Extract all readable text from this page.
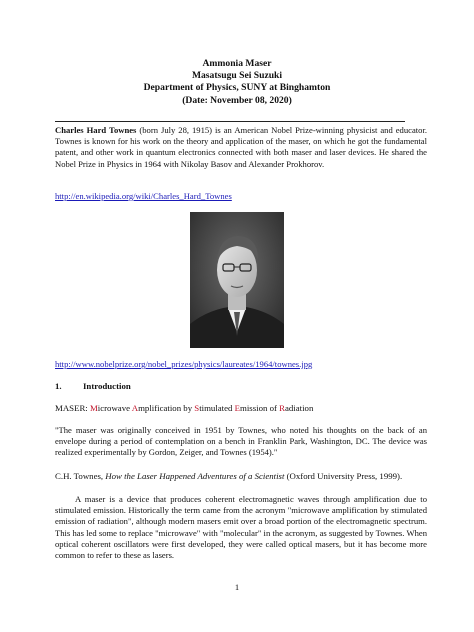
Ammonia Maser
Masatsugu Sei Suzuki
Department of Physics, SUNY at Binghamton
(Date: November 08, 2020)
Charles Hard Townes (born July 28, 1915) is an American Nobel Prize-winning physicist and educator. Townes is known for his work on the theory and application of the maser, on which he got the fundamental patent, and other work in quantum electronics connected with both maser and laser devices. He shared the Nobel Prize in Physics in 1964 with Nikolay Basov and Alexander Prokhorov.
http://en.wikipedia.org/wiki/Charles_Hard_Townes
http://www.nobelprize.org/nobel_prizes/physics/laureates/1964/townes.jpg
1. Introduction
MASER: Microwave Amplification by Stimulated Emission of Radiation
"The maser was originally conceived in 1951 by Townes, who noted his thoughts on the back of an envelope during a period of contemplation on a bench in Franklin Park, Washington, DC. The device was realized experimentally by Gordon, Zeiger, and Townes (1954)."
C.H. Townes, How the Laser Happened Adventures of a Scientist (Oxford University Press, 1999).
A maser is a device that produces coherent electromagnetic waves through amplification due to stimulated emission. Historically the term came from the acronym "microwave amplification by stimulated emission of radiation", although modern masers emit over a broad portion of the electromagnetic spectrum. This has led some to replace "microwave" with "molecular" in the acronym, as suggested by Townes. When optical coherent oscillators were first developed, they were called optical masers, but it has become more common to refer to these as lasers.
1
